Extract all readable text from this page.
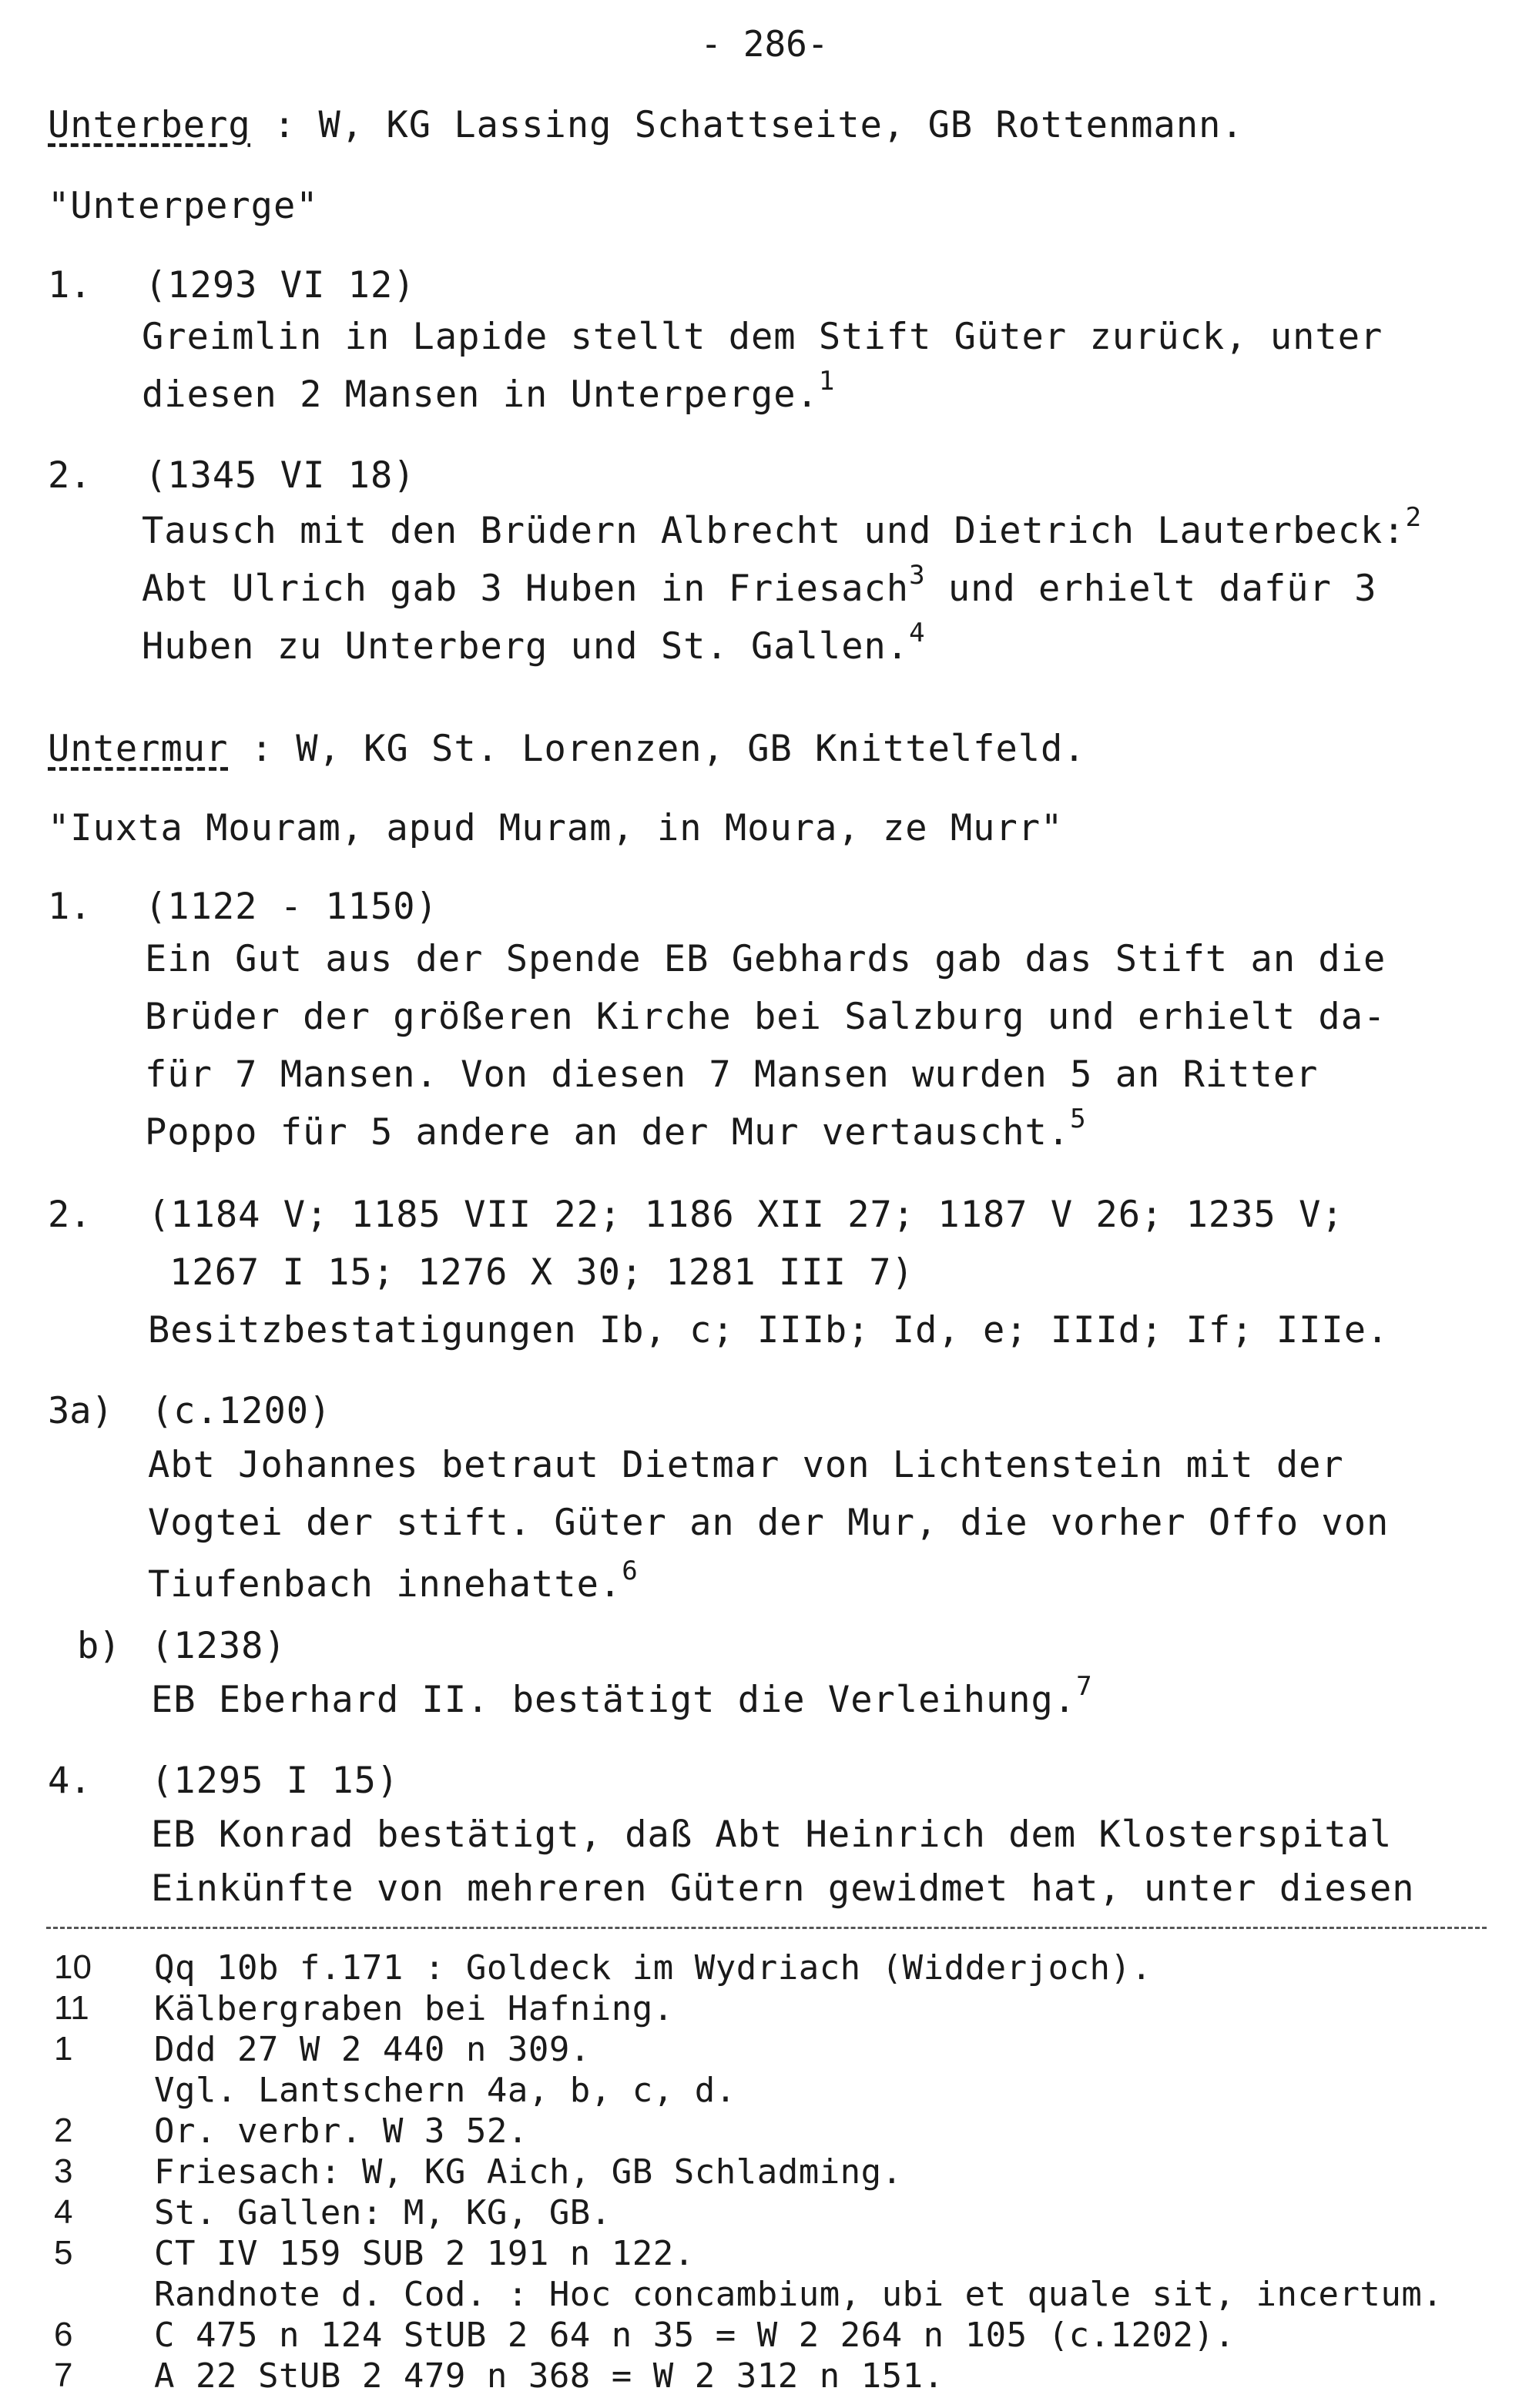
- 286-
Unterberg : W, KG Lassing Schattseite, GB Rottenmann.
"Unterperge"
1. (1293 VI 12)
Greimlin in Lapide stellt dem Stift Güter zurück, unter
diesen 2 Mansen in Unterperge.$^1$
2. (1345 VI 18)
Tausch mit den Brüdern Albrecht und Dietrich Lauterbeck:$^2$
Abt Ulrich gab 3 Huben in Friesach$^3$ und erhielt dafür 3
Huben zu Unterberg und St. Gallen.$^4$
Untermur : W, KG St. Lorenzen, GB Knittelfeld.
"Iuxta Mouram, apud Muram, in Moura, ze Murr"
1. (1122 - 1150)
Ein Gut aus der Spende EB Gebhards gab das Stift an die
Brüder der größeren Kirche bei Salzburg und erhielt da-
für 7 Mansen. Von diesen 7 Mansen wurden 5 an Ritter
Poppo für 5 andere an der Mur vertauscht.$^5$
2. (1184 V; 1185 VII 22; 1186 XII 27; 1187 V 26; 1235 V;
1267 I 15; 1276 X 30; 1281 III 7)
Besitzbestatigungen Ib, c; IIIb; Id, e; IIId; If; IIIe.
3a) (c.1200)
Abt Johannes betraut Dietmar von Lichtenstein mit der
Vogtei der stift. Güter an der Mur, die vorher Offo von
Tiufenbach innehatte.$^6$
b) (1238)
EB Eberhard II. bestätigt die Verleihung.$^7$
4. (1295 I 15)
EB Konrad bestätigt, daß Abt Heinrich dem Klosterspital
Einkünfte von mehreren Gütern gewidmet hat, unter diesen
10 Qq 10b f.171 : Goldeck im Wydriach (Widderjoch).
11 Kälbergraben bei Hafning.
1 Ddd 27 W 2 440 n 309.
Vgl. Lantschern 4a, b, c, d.
2 Or. verbr. W 3 52.
3 Friesach: W, KG Aich, GB Schladming.
4 St. Gallen: M, KG, GB.
5 CT IV 159 SUB 2 191 n 122.
Randnote d. Cod. : Hoc concambium, ubi et quale sit, incertum.
6 C 475 n 124 StUB 2 64 n 35 = W 2 264 n 105 (c.1202).
7 A 22 StUB 2 479 n 368 = W 2 312 n 151.
